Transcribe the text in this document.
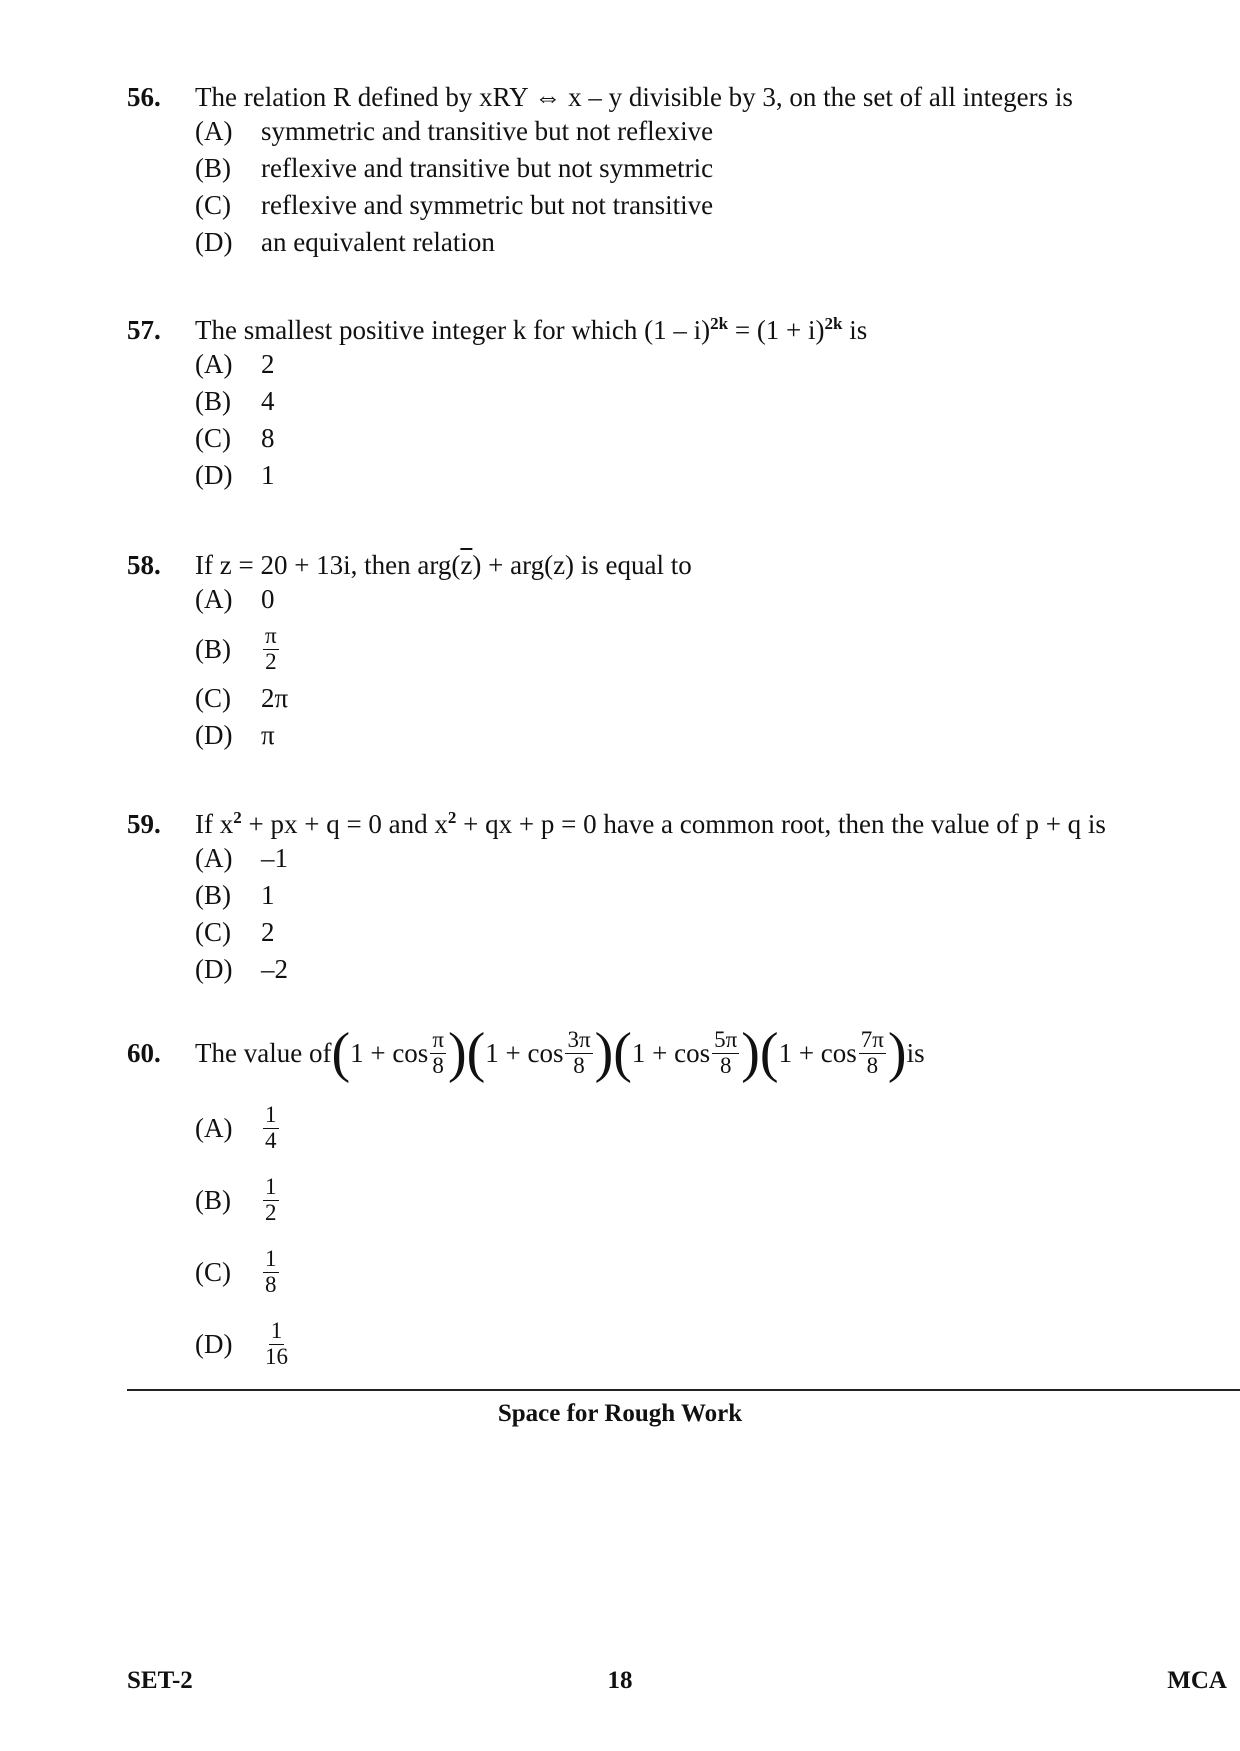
56.	The relation R defined by xRY ⇔ x – y divisible by 3, on the set of all integers is
(A)	symmetric and transitive but not reflexive
(B)	reflexive and transitive but not symmetric
(C)	reflexive and symmetric but not transitive
(D)	an equivalent relation
57.	The smallest positive integer k for which $(1 - i)^{2k} = (1 + i)^{2k}$ is
(A)	2
(B)	4
(C)	8
(D)	1
58.	If z = 20 + 13i, then $arg(\overline{z}) + arg(z)$ is equal to
(A)	0
(B)	$\frac{\pi}{2}$
(C)	2π
(D)	π
59.	If $x^2$ + px + q = 0 and $x^2$ + qx + p = 0 have a common root, then the value of p + q is
(A)	–1
(B)	1
(C)	2
(D)	–2
60.	The value of ( $1 + \cos \frac{\pi}{8}$ ) ( $1 + \cos \frac{3\pi}{8}$ ) ( $1 + \cos \frac{5\pi}{8}$ ) ( $1 + \cos \frac{7\pi}{8}$ ) is
(A)	$\frac{1}{4}$
(B)	$\frac{1}{2}$
(C)	$\frac{1}{8}$
(D)	$\frac{1}{16}$
Space for Rough Work
SET-2	18	MCA
